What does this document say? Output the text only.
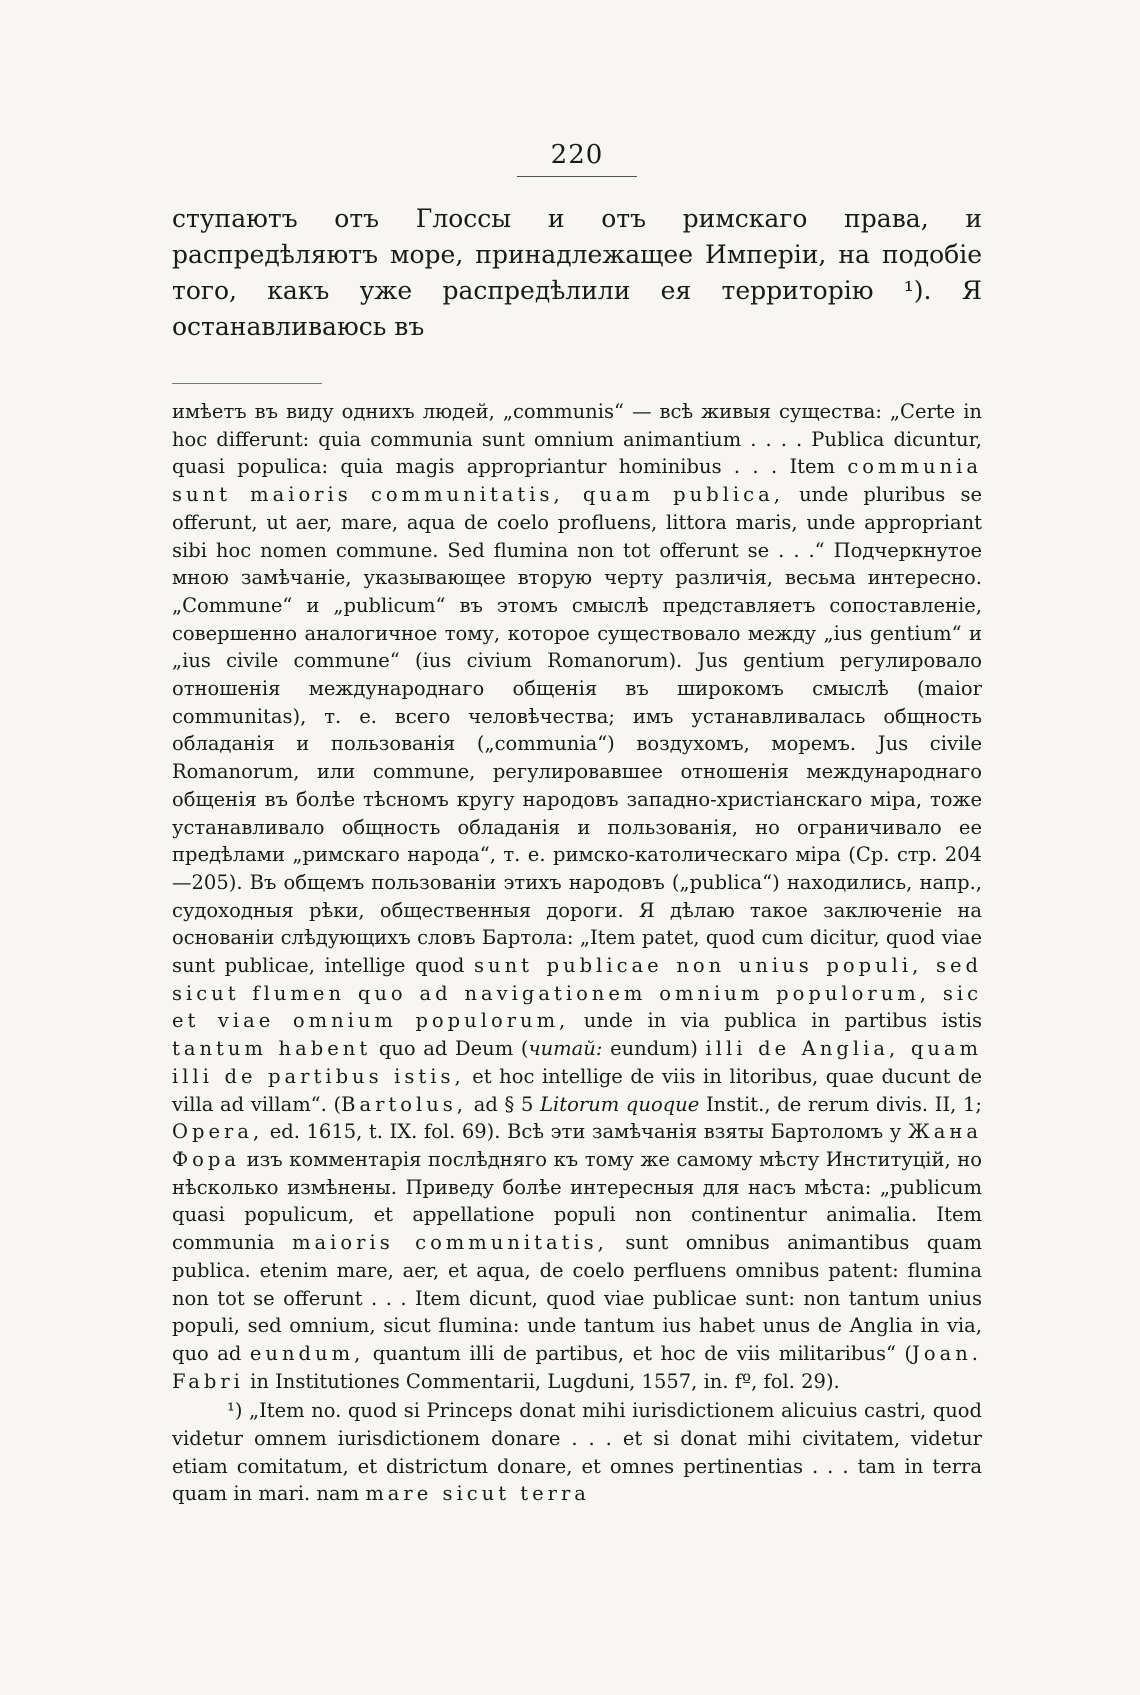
220

ступаютъ отъ Глоссы и отъ римскаго права, и распредѣляютъ море, принадлежащее Имперіи, на подобіе того, какъ уже распредѣлили ея территорію ¹). Я останавливаюсь въ

имѣетъ въ виду однихъ людей, „communis“ — всѣ живыя существа: „Certe in hoc differunt: quia communia sunt omnium animantium . . . . Publica dicuntur, quasi populica: quia magis appropriantur hominibus . . . Item communia sunt maioris communitatis, quam publica, unde pluribus se offerunt, ut aer, mare, aqua de coelo profluens, littora maris, unde appropriant sibi hoc nomen commune. Sed flumina non tot offerunt se . . .“ Подчеркнутое мною замѣчаніе, указывающее вторую черту различія, весьма интересно. „Commune“ и „publicum“ въ этомъ смыслѣ представляетъ сопоставленіе, совершенно аналогичное тому, которое существовало между „ius gentium“ и „ius civile commune“ (ius civium Romanorum). Jus gentium регулировало отношенія международнаго общенія въ широкомъ смыслѣ (maior communitas), т. е. всего человѣчества; имъ устанавливалась общность обладанія и пользованія („communia“) воздухомъ, моремъ. Jus civile Romanorum, или commune, регулировавшее отношенія международнаго общенія въ болѣе тѣсномъ кругу народовъ западно-христіанскаго міра, тоже устанавливало общность обладанія и пользованія, но ограничивало ее предѣлами „римскаго народа“, т. е. римско-католическаго міра (Ср. стр. 204—205). Въ общемъ пользованіи этихъ народовъ („publica“) находились, напр., судоходныя рѣки, общественныя дороги. Я дѣлаю такое заключеніе на основаніи слѣдующихъ словъ Бартола: „Item patet, quod cum dicitur, quod viae sunt publicae, intellige quod sunt publicae non unius populi, sed sicut flumen quo ad navigationem omnium populorum, sic et viae omnium populorum, unde in via publica in partibus istis tantum habent quo ad Deum (читай: eundum) illi de Anglia, quam illi de partibus istis, et hoc intellige de viis in litoribus, quae ducunt de villa ad villam“. (Bartolus, ad § 5 Litorum quoque Instit., de rerum divis. II, 1; Opera, ed. 1615, t. IX. fol. 69). Всѣ эти замѣчанія взяты Бартоломъ у Жана Фора изъ комментарія послѣдняго къ тому же самому мѣсту Институцій, но нѣсколько измѣнены. Приведу болѣе интересныя для насъ мѣста: „publicum quasi populicum, et appellatione populi non continentur animalia. Item communia maioris communitatis, sunt omnibus animantibus quam publica. etenim mare, aer, et aqua, de coelo perfluens omnibus patent: flumina non tot se offerunt . . . Item dicunt, quod viae publicae sunt: non tantum unius populi, sed omnium, sicut flumina: unde tantum ius habet unus de Anglia in via, quo ad eundum, quantum illi de partibus, et hoc de viis militaribus“ (Joan. Fabri in Institutiones Commentarii, Lugduni, 1557, in. fº, fol. 29).

¹) „Item no. quod si Princeps donat mihi iurisdictionem alicuius castri, quod videtur omnem iurisdictionem donare . . . et si donat mihi civitatem, videtur etiam comitatum, et districtum donare, et omnes pertinentias . . . tam in terra quam in mari. nam mare sicut terra
